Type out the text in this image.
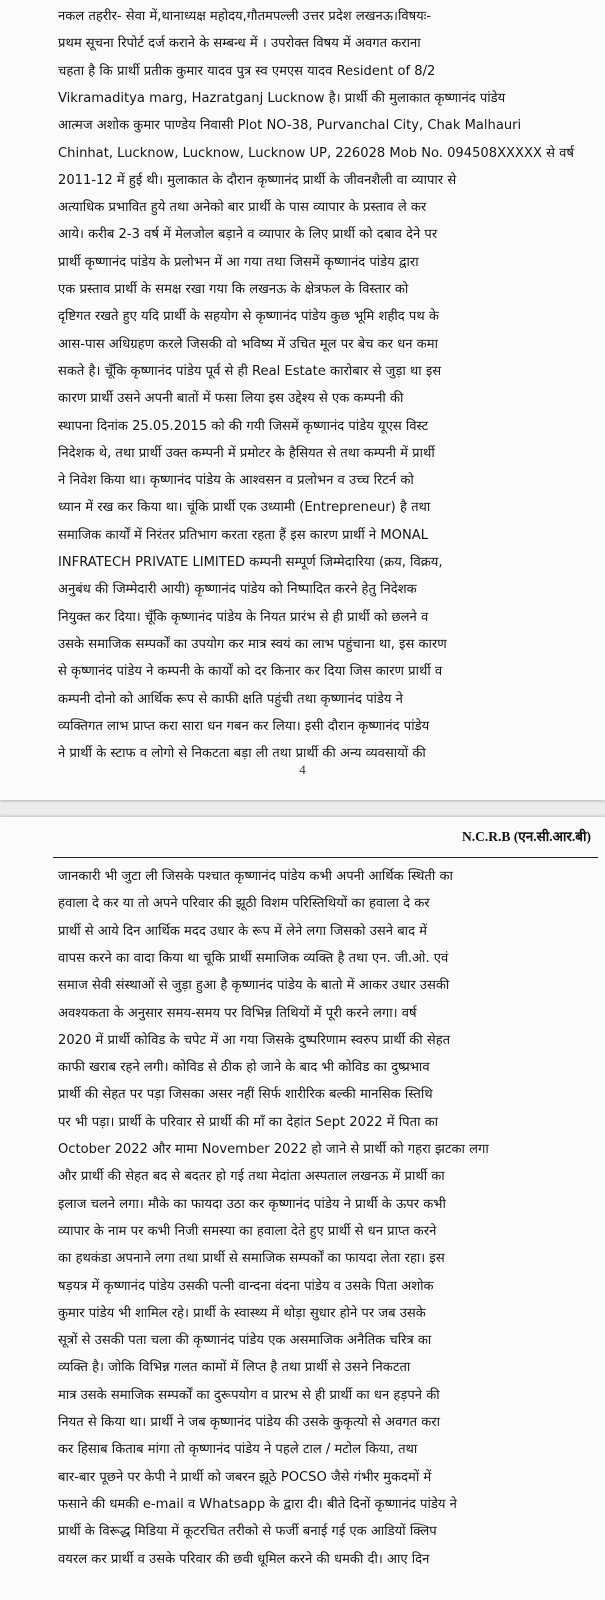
नकल तहरीर- सेवा में,थानाध्यक्ष महोदय,गौतमपल्ली उत्तर प्रदेश लखनऊ।विषयः-
प्रथम सूचना रिपोर्ट दर्ज कराने के सम्बन्ध में । उपरोक्त विषय में अवगत कराना
चहता है कि प्रार्थी प्रतीक कुमार यादव पुत्र स्व एमएस यादव Resident of 8/2
Vikramaditya marg, Hazratganj Lucknow है। प्रार्थी की मुलाकात कृष्णानंद पांडेय
आत्मज अशोक कुमार पाण्डेय निवासी Plot NO-38, Purvanchal City, Chak Malhauri
Chinhat, Lucknow, Lucknow, Lucknow UP, 226028 Mob No. 094508XXXXX से वर्ष
2011-12 में हुई थी। मुलाकात के दौरान कृष्णानंद प्रार्थी के जीवनशैली वा व्यापार से
अत्याधिक प्रभावित हुये तथा अनेको बार प्रार्थी के पास व्यापार के प्रस्ताव ले कर
आये। करीब 2-3 वर्ष में मेलजोल बड़ाने व व्यापार के लिए प्रार्थी को दबाव देने पर
प्रार्थी कृष्णानंद पांडेय के प्रलोभन में आ गया तथा जिसमें कृष्णानंद पांडेय द्वारा
एक प्रस्ताव प्रार्थी के समक्ष रखा गया कि लखनऊ के क्षेत्रफल के विस्तार को
दृष्टिगत रखते हुए यदि प्रार्थी के सहयोग से कृष्णानंद पांडेय कुछ भूमि शहीद पथ के
आस-पास अधिग्रहण करले जिसकी वो भविष्य में उचित मूल पर बेच कर धन कमा
सकते है। चूँकि कृष्णानंद पांडेय पूर्व से ही Real Estate कारोबार से जुड़ा था इस
कारण प्रार्थी उसने अपनी बातों में फसा लिया इस उद्देश्य से एक कम्पनी की
स्थापना दिनांक 25.05.2015 को की गयी जिसमें कृष्णानंद पांडेय यूएस विस्ट
निदेशक थे, तथा प्रार्थी उक्त कम्पनी में प्रमोटर के हैसियत से तथा कम्पनी में प्रार्थी
ने निवेश किया था। कृष्णानंद पांडेय के आश्वसन व प्रलोभन व उच्च रिटर्न को
ध्यान में रख कर किया था। चूंकि प्रार्थी एक उध्यामी (Entrepreneur) है तथा
समाजिक कार्यों में निरंतर प्रतिभाग करता रहता हैं इस कारण प्रार्थी ने MONAL
INFRATECH PRIVATE LIMITED कम्पनी सम्पूर्ण जिम्मेदारिया (क्रय, विक्रय,
अनुबंध की जिम्मेदारी आयी) कृष्णानंद पांडेय को निष्पादित करने हेतु निदेशक
नियुक्त कर दिया। चूँकि कृष्णानंद पांडेय के नियत प्रारंभ से ही प्रार्थी को छलने व
उसके समाजिक सम्पर्कों का उपयोग कर मात्र स्वयं का लाभ पहुंचाना था, इस कारण
से कृष्णानंद पांडेय ने कम्पनी के कार्यों को दर किनार कर दिया जिस कारण प्रार्थी व
कम्पनी दोनो को आर्थिक रूप से काफी क्षति पहुंची तथा कृष्णानंद पांडेय ने
व्यक्तिगत लाभ प्राप्त करा सारा धन गबन कर लिया। इसी दौरान कृष्णानंद पांडेय
ने प्रार्थी के स्टाफ व लोगो से निकटता बड़ा ली तथा प्रार्थी की अन्य व्यवसायों की
4
N.C.R.B (एन.सी.आर.बी)
जानकारी भी जुटा ली जिसके पश्चात कृष्णानंद पांडेय कभी अपनी आर्थिक स्थिती का
हवाला दे कर या तो अपने परिवार की झूठी विशम परिस्तिथियों का हवाला दे कर
प्रार्थी से आये दिन आर्थिक मदद उधार के रूप में लेने लगा जिसको उसने बाद में
वापस करने का वादा किया था चूकि प्रार्थी समाजिक व्यक्ति है तथा एन. जी.ओ. एवं
समाज सेवी संस्थाओं से जुड़ा हुआ है कृष्णानंद पांडेय के बातो में आकर उधार उसकी
अवश्यकता के अनुसार समय-समय पर विभिन्न तिथियों में पूरी करने लगा। वर्ष
2020 में प्रार्थी कोविड के चपेट में आ गया जिसके दुष्परिणाम स्वरुप प्रार्थी की सेहत
काफी खराब रहने लगी। कोविड से ठीक हो जाने के बाद भी कोविड का दुष्प्रभाव
प्रार्थी की सेहत पर पड़ा जिसका असर नहीं सिर्फ शारीरिक बल्की मानसिक स्तिथि
पर भी पड़ा। प्रार्थी के परिवार से प्रार्थी की माँ का देहांत Sept 2022 में पिता का
October 2022 और मामा November 2022 हो जाने से प्रार्थी को गहरा झटका लगा
और प्रार्थी की सेहत बद से बदतर हो गई तथा मेदांता अस्पताल लखनऊ में प्रार्थी का
इलाज चलने लगा। मौके का फायदा उठा कर कृष्णानंद पांडेय ने प्रार्थी के ऊपर कभी
व्यापार के नाम पर कभी निजी समस्या का हवाला देते हुए प्रार्थी से धन प्राप्त करने
का हथकंडा अपनाने लगा तथा प्रार्थी से समाजिक सम्पर्कों का फायदा लेता रहा। इस
षड़यत्र में कृष्णानंद पांडेय उसकी पत्नी वान्दना वंदना पांडेय व उसके पिता अशोक
कुमार पांडेय भी शामिल रहे। प्रार्थी के स्वास्थ्य में थोड़ा सुधार होने पर जब उसके
सूत्रों से उसकी पता चला की कृष्णानंद पांडेय एक असमाजिक अनैतिक चरित्र का
व्यक्ति है। जोकि विभिन्न गलत कामों में लिप्त है तथा प्रार्थी से उसने निकटता
मात्र उसके समाजिक सम्पर्कों का दुरूपयोग व प्रारभ से ही प्रार्थी का धन हड़पने की
नियत से किया था। प्रार्थी ने जब कृष्णानंद पांडेय की उसके कुकृत्यो से अवगत करा
कर हिसाब किताब मांगा तो कृष्णानंद पांडेय ने पहले टाल / मटोल किया, तथा
बार-बार पूछने पर केपी ने प्रार्थी को जबरन झूठे POCSO जैसे गंभीर मुकदमों में
फसाने की धमकी e-mail व Whatsapp के द्वारा दी। बीते दिनों कृष्णानंद पांडेय ने
प्रार्थी के विरूद्ध मिडिया में कूटरचित तरीको से फर्जी बनाई गई एक आडियों क्लिप
वयरल कर प्रार्थी व उसके परिवार की छवी धूमिल करने की धमकी दी। आए दिन
